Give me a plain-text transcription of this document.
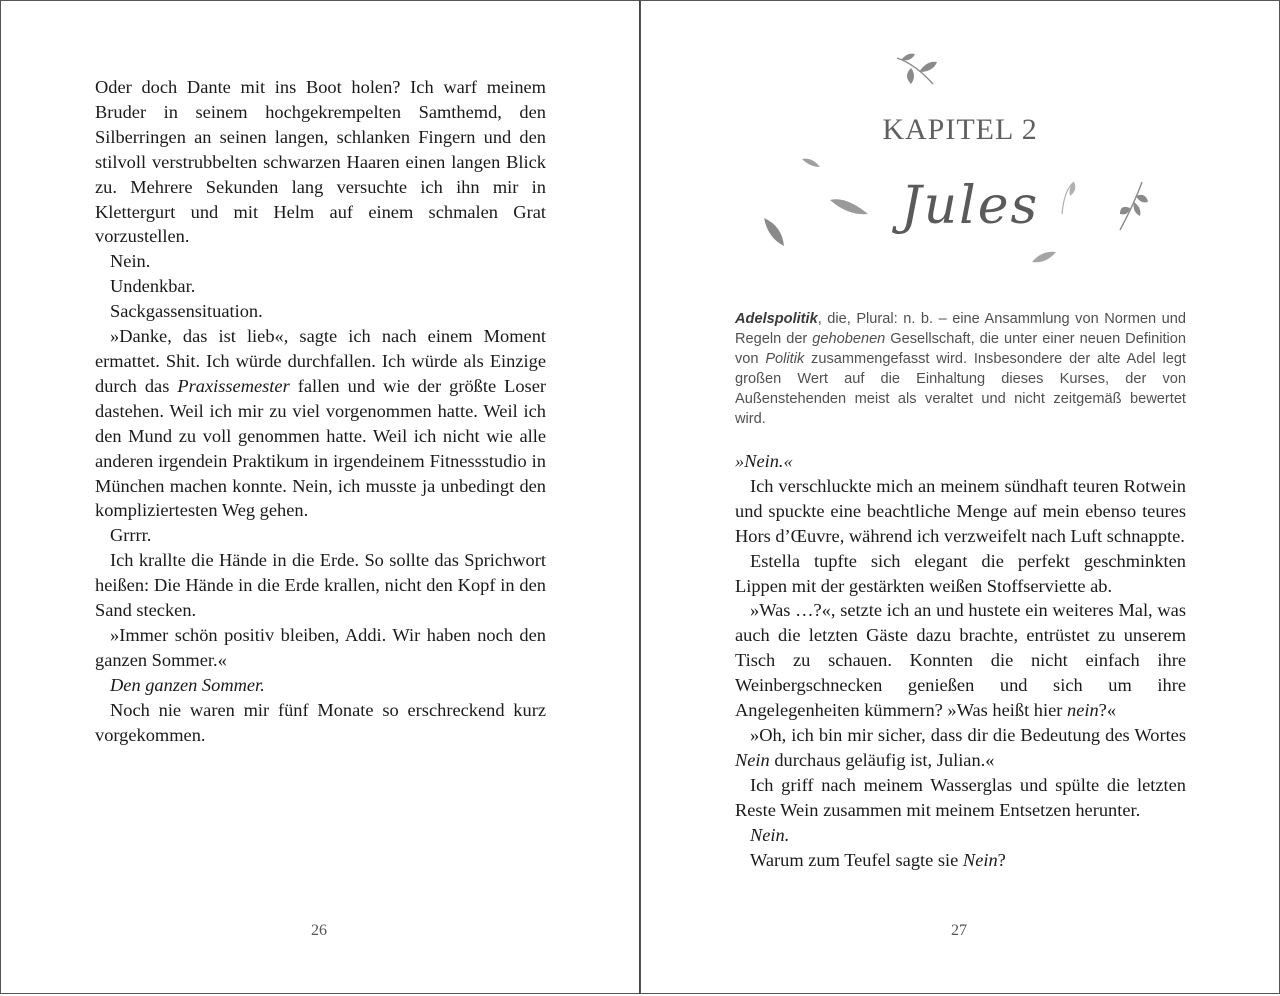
Oder doch Dante mit ins Boot holen? Ich warf meinem Bruder in seinem hochgekrempelten Samthemd, den Silberringen an seinen langen, schlanken Fingern und den stilvoll verstrubbelten schwarzen Haaren einen langen Blick zu. Mehrere Sekunden lang versuchte ich ihn mir in Klettergurt und mit Helm auf einem schmalen Grat vorzustellen.

Nein.

Undenkbar.

Sackgassensituation.

»Danke, das ist lieb«, sagte ich nach einem Moment ermattet. Shit. Ich würde durchfallen. Ich würde als Einzige durch das Praxissemester fallen und wie der größte Loser dastehen. Weil ich mir zu viel vorgenommen hatte. Weil ich den Mund zu voll genommen hatte. Weil ich nicht wie alle anderen irgendein Praktikum in irgendeinem Fitnessstudio in München machen konnte. Nein, ich musste ja unbedingt den kompliziertesten Weg gehen.

Grrrr.

Ich krallte die Hände in die Erde. So sollte das Sprichwort heißen: Die Hände in die Erde krallen, nicht den Kopf in den Sand stecken.

»Immer schön positiv bleiben, Addi. Wir haben noch den ganzen Sommer.«

Den ganzen Sommer.

Noch nie waren mir fünf Monate so erschreckend kurz vorgekommen.

26
KAPITEL 2
Jules
Adelspolitik, die, Plural: n. b. – eine Ansammlung von Normen und Regeln der gehobenen Gesellschaft, die unter einer neuen Definition von Politik zusammengefasst wird. Insbesondere der alte Adel legt großen Wert auf die Einhaltung dieses Kurses, der von Außenstehenden meist als veraltet und nicht zeitgemäß bewertet wird.

»Nein.«

Ich verschluckte mich an meinem sündhaft teuren Rotwein und spuckte eine beachtliche Menge auf mein ebenso teures Hors d’Œuvre, während ich verzweifelt nach Luft schnappte.

Estella tupfte sich elegant die perfekt geschminkten Lippen mit der gestärkten weißen Stoffserviette ab.

»Was …?«, setzte ich an und hustete ein weiteres Mal, was auch die letzten Gäste dazu brachte, entrüstet zu unserem Tisch zu schauen. Konnten die nicht einfach ihre Weinbergschnecken genießen und sich um ihre Angelegenheiten kümmern? »Was heißt hier nein?«

»Oh, ich bin mir sicher, dass dir die Bedeutung des Wortes Nein durchaus geläufig ist, Julian.«

Ich griff nach meinem Wasserglas und spülte die letzten Reste Wein zusammen mit meinem Entsetzen herunter.

Nein.

Warum zum Teufel sagte sie Nein?

27
